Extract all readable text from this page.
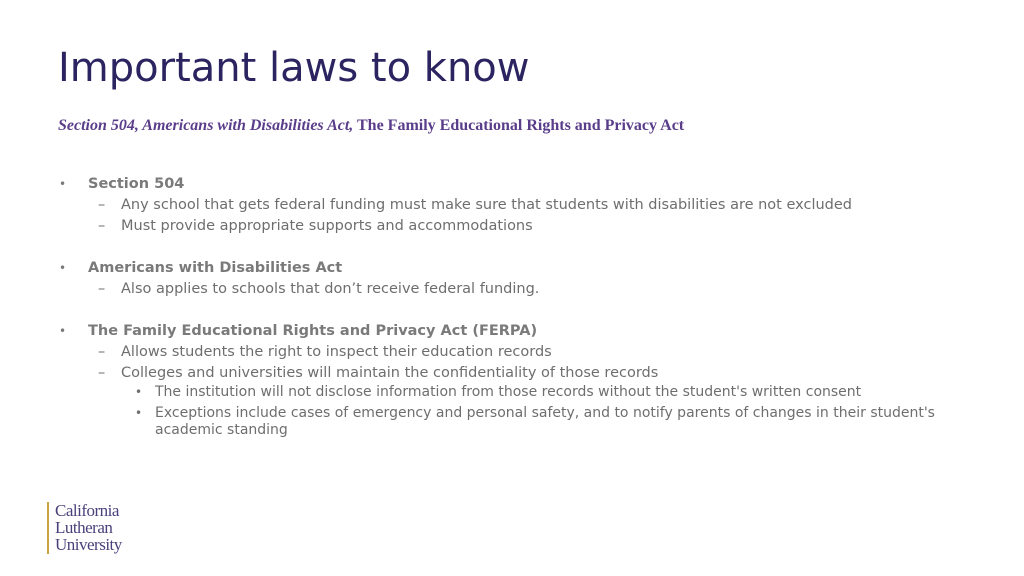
Important laws to know
Section 504, Americans with Disabilities Act, The Family Educational Rights and Privacy Act
• Section 504
– Any school that gets federal funding must make sure that students with disabilities are not excluded
– Must provide appropriate supports and accommodations
• Americans with Disabilities Act
– Also applies to schools that don’t receive federal funding.
• The Family Educational Rights and Privacy Act (FERPA)
– Allows students the right to inspect their education records
– Colleges and universities will maintain the confidentiality of those records
• The institution will not disclose information from those records without the student's written consent
• Exceptions include cases of emergency and personal safety, and to notify parents of changes in their student's academic standing
California
Lutheran
University
